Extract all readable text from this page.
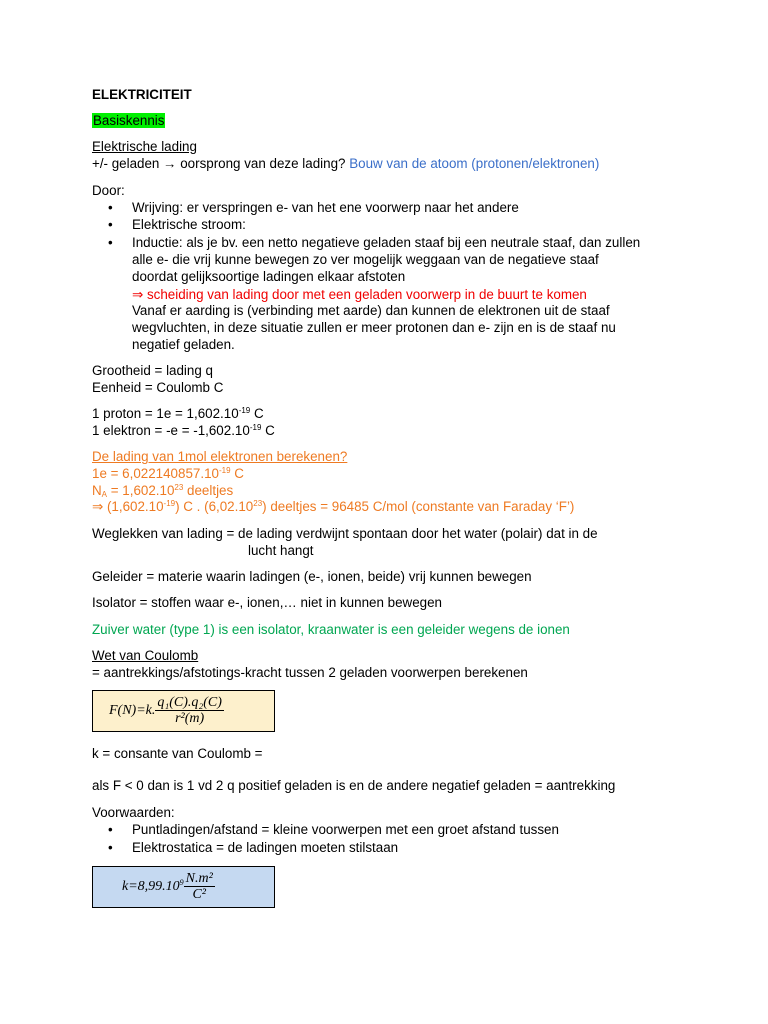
ELEKTRICITEIT
Basiskennis
Elektrische lading
+/- geladen → oorsprong van deze lading? Bouw van de atoom (protonen/elektronen)
Door:
Wrijving: er verspringen e- van het ene voorwerp naar het andere
Elektrische stroom:
Inductie: als je bv. een netto negatieve geladen staaf bij een neutrale staaf, dan zullen
alle e- die vrij kunne bewegen zo ver mogelijk weggaan van de negatieve staaf
doordat gelijksoortige ladingen elkaar afstoten
⇒ scheiding van lading door met een geladen voorwerp in de buurt te komen
Vanaf er aarding is (verbinding met aarde) dan kunnen de elektronen uit de staaf
wegvluchten, in deze situatie zullen er meer protonen dan e- zijn en is de staaf nu
negatief geladen.
Grootheid = lading q
Eenheid = Coulomb C
1 proton = $1e = 1,602.10^{-19}$ C
1 elektron = $-e = -1,602.10^{-19}$ C
De lading van 1mol elektronen berekenen?
$1e = 6,022140857.10^{-19}$ C
$N_A = 1,602.10^{23}$ deeltjes
⇒ $(1,602.10^{-19})$ C . (6,02.10$^{23}$) deeltjes = 96485 C/mol (constante van Faraday ‘F’)
Weglekken van lading = de lading verdwijnt spontaan door het water (polair) dat in de
lucht hangt
Geleider = materie waarin ladingen (e-, ionen, beide) vrij kunnen bewegen
Isolator = stoffen waar e-, ionen,… niet in kunnen bewegen
Zuiver water (type 1) is een isolator, kraanwater is een geleider wegens de ionen
Wet van Coulomb
= aantrekkings/afstotings-kracht tussen 2 geladen voorwerpen berekenen
F(N)=k. $\frac{\text{q₁(C).q₂(C)}}{\text{r²(m)}}$
k = consante van Coulomb =
als F < 0 dan is 1 vd 2 q positief geladen is en de andere negatief geladen = aantrekking
Voorwaarden:
Puntladingen/afstand = kleine voorwerpen met een groet afstand tussen
Elektrostatica = de ladingen moeten stilstaan
$k=8,99.10^9 \frac{\text{N.m²}}{\text{C²}}$
